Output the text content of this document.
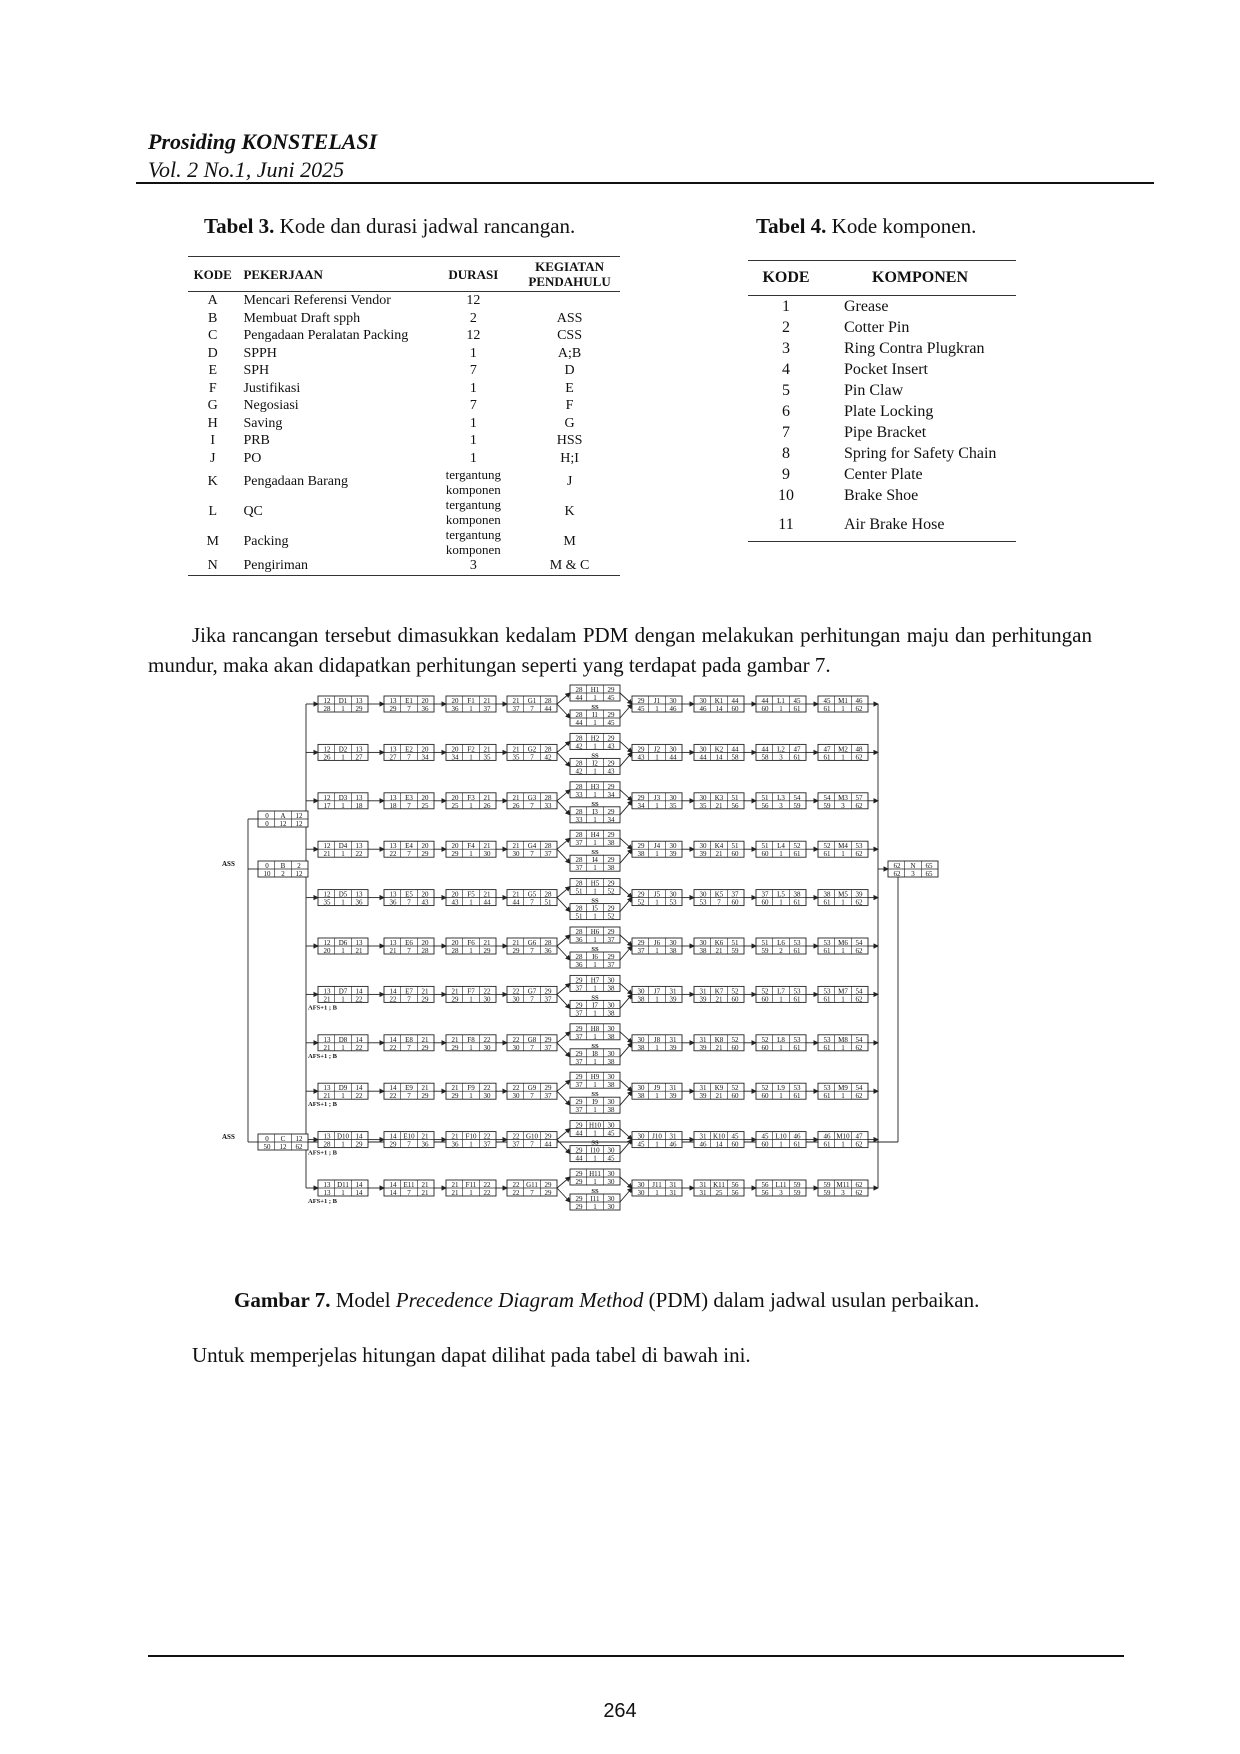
Prosiding KONSTELASI
Vol. 2 No.1, Juni 2025
Tabel 3. Kode dan durasi jadwal rancangan.
KODE	PEKERJAAN	DURASI	KEGIATAN PENDAHULU
A	Mencari Referensi Vendor	12	
B	Membuat Draft spph	2	ASS
C	Pengadaan Peralatan Packing	12	CSS
D	SPPH	1	A;B
E	SPH	7	D
F	Justifikasi	1	E
G	Negosiasi	7	F
H	Saving	1	G
I	PRB	1	HSS
J	PO	1	H;I
K	Pengadaan Barang	tergantung komponen	J
L	QC	tergantung komponen	K
M	Packing	tergantung komponen	M
N	Pengiriman	3	M & C
Tabel 4. Kode komponen.
KODE	KOMPONEN
1	Grease
2	Cotter Pin
3	Ring Contra Plugkran
4	Pocket Insert
5	Pin Claw
6	Plate Locking
7	Pipe Bracket
8	Spring for Safety Chain
9	Center Plate
10	Brake Shoe
11	Air Brake Hose
Jika rancangan tersebut dimasukkan kedalam PDM dengan melakukan perhitungan maju dan perhitungan mundur, maka akan didapatkan perhitungan seperti yang terdapat pada gambar 7.
0 A 12
0 12 12
0 B 2
10 2 12
0 C 12
50 12 62
62 N 65
62 3 65
12 D1 13
28 1 29
13 E1 20
29 7 36
20 F1 21
36 1 37
21 G1 28
37 7 44
28 H1 29
44 1 45
28 I1 29
44 1 45
29 J1 30
45 1 46
30 K1 44
46 14 60
44 L1 45
60 1 61
45 M1 46
61 1 62
12 D2 13
26 1 27
13 E2 20
27 7 34
20 F2 21
34 1 35
21 G2 28
35 7 42
28 H2 29
42 1 43
28 I2 29
42 1 43
29 J2 30
43 1 44
30 K2 44
44 14 58
44 L2 47
58 3 61
47 M2 48
61 1 62
12 D3 13
17 1 18
13 E3 20
18 7 25
20 F3 21
25 1 26
21 G3 28
26 7 33
28 H3 29
33 1 34
28 I3 29
33 1 34
29 J3 30
34 1 35
30 K3 51
35 21 56
51 L3 54
56 3 59
54 M3 57
59 3 62
12 D4 13
21 1 22
13 E4 20
22 7 29
20 F4 21
29 1 30
21 G4 28
30 7 37
28 H4 29
37 1 38
28 I4 29
37 1 38
29 J4 30
38 1 39
30 K4 51
39 21 60
51 L4 52
60 1 61
52 M4 53
61 1 62
12 D5 13
35 1 36
13 E5 20
36 7 43
20 F5 21
43 1 44
21 G5 28
44 7 51
28 H5 29
51 1 52
28 I5 29
51 1 52
29 J5 30
52 1 53
30 K5 37
53 7 60
37 L5 38
60 1 61
38 M5 39
61 1 62
12 D6 13
20 1 21
13 E6 20
21 7 28
20 F6 21
28 1 29
21 G6 28
29 7 36
28 H6 29
36 1 37
28 I6 29
36 1 37
29 J6 30
37 1 38
30 K6 51
38 21 59
51 L6 53
59 2 61
53 M6 54
61 1 62
13 D7 14
21 1 22
14 E7 21
22 7 29
21 F7 22
29 1 30
22 G7 29
30 7 37
29 H7 30
37 1 38
29 I7 30
37 1 38
30 J7 31
38 1 39
31 K7 52
39 21 60
52 L7 53
60 1 61
53 M7 54
61 1 62
13 D8 14
21 1 22
14 E8 21
22 7 29
21 F8 22
29 1 30
22 G8 29
30 7 37
29 H8 30
37 1 38
29 I8 30
37 1 38
30 J8 31
38 1 39
31 K8 52
39 21 60
52 L8 53
60 1 61
53 M8 54
61 1 62
13 D9 14
21 1 22
14 E9 21
22 7 29
21 F9 22
29 1 30
22 G9 29
30 7 37
29 H9 30
37 1 38
29 I9 30
37 1 38
30 J9 31
38 1 39
31 K9 52
39 21 60
52 L9 53
60 1 61
53 M9 54
61 1 62
13 D10 14
28 1 29
14 E10 21
29 7 36
21 F10 22
36 1 37
22 G10 29
37 7 44
29 H10 30
44 1 45
29 I10 30
44 1 45
30 J10 31
45 1 46
31 K10 45
46 14 60
45 L10 46
60 1 61
46 M10 47
61 1 62
13 D11 14
13 1 14
14 E11 21
14 7 21
21 F11 22
21 1 22
22 G11 29
22 7 29
29 H11 30
29 1 30
29 I11 30
29 1 30
30 J11 31
30 1 31
31 K11 56
31 25 56
56 L11 59
56 3 59
59 M11 62
59 3 62
ASS
ASS
SS
SS
SS
SS
SS
SS
AFS+1 ; B
SS
AFS+1 ; B
SS
AFS+1 ; B
SS
AFS+1 ; B
SS
AFS+1 ; B
SS
Gambar 7. Model Precedence Diagram Method (PDM) dalam jadwal usulan perbaikan.
Untuk memperjelas hitungan dapat dilihat pada tabel di bawah ini.
264
